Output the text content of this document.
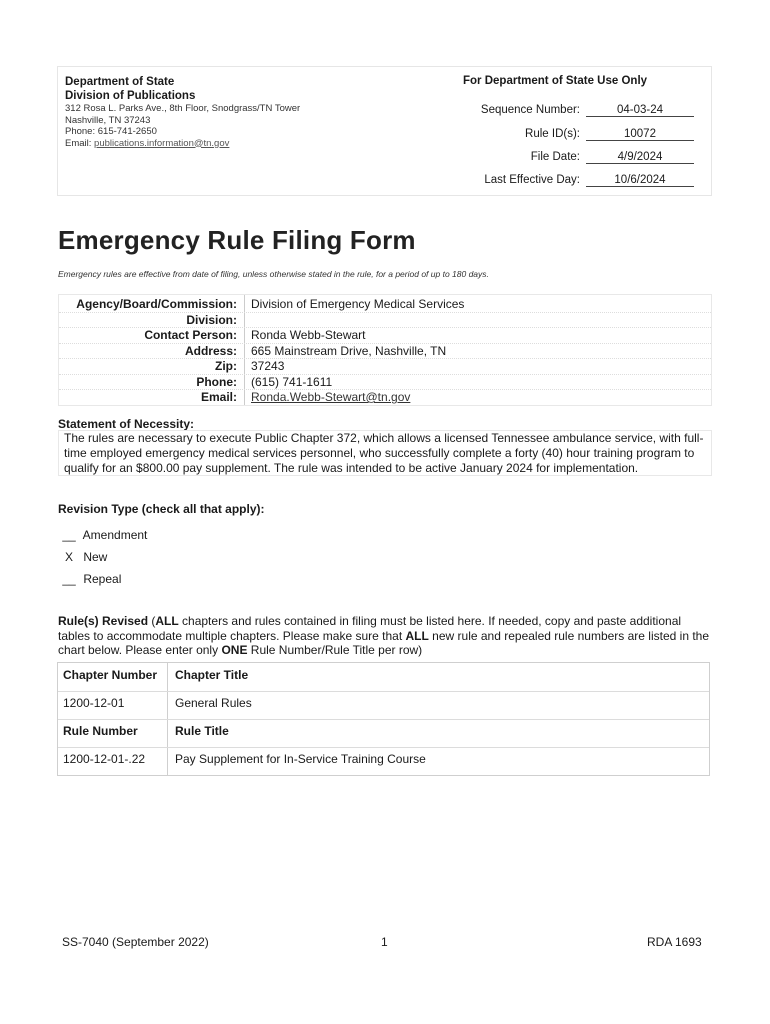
Department of State
Division of Publications
312 Rosa L. Parks Ave., 8th Floor, Snodgrass/TN Tower
Nashville, TN 37243
Phone: 615-741-2650
Email: publications.information@tn.gov
For Department of State Use Only
Sequence Number:	04-03-24
Rule ID(s):	10072
File Date:	4/9/2024
Last Effective Day:	10/6/2024
Emergency Rule Filing Form
Emergency rules are effective from date of filing, unless otherwise stated in the rule, for a period of up to 180 days.
Agency/Board/Commission: Division of Emergency Medical Services
Division:
Contact Person: Ronda Webb-Stewart
Address: 665 Mainstream Drive, Nashville, TN
Zip: 37243
Phone: (615) 741-1611
Email: Ronda.Webb-Stewart@tn.gov
Statement of Necessity:
The rules are necessary to execute Public Chapter 372, which allows a licensed Tennessee ambulance service, with full-time employed emergency medical services personnel, who successfully complete a forty (40) hour training program to qualify for an $800.00 pay supplement. The rule was intended to be active January 2024 for implementation.
Revision Type (check all that apply):
__ Amendment
X New
__ Repeal
Rule(s) Revised (ALL chapters and rules contained in filing must be listed here. If needed, copy and paste additional tables to accommodate multiple chapters. Please make sure that ALL new rule and repealed rule numbers are listed in the chart below. Please enter only ONE Rule Number/Rule Title per row)
Chapter Number Chapter Title
1200-12-01	General Rules
Rule Number	Rule Title
1200-12-01-.22 Pay Supplement for In-Service Training Course
SS-7040 (September 2022)	1	RDA 1693
